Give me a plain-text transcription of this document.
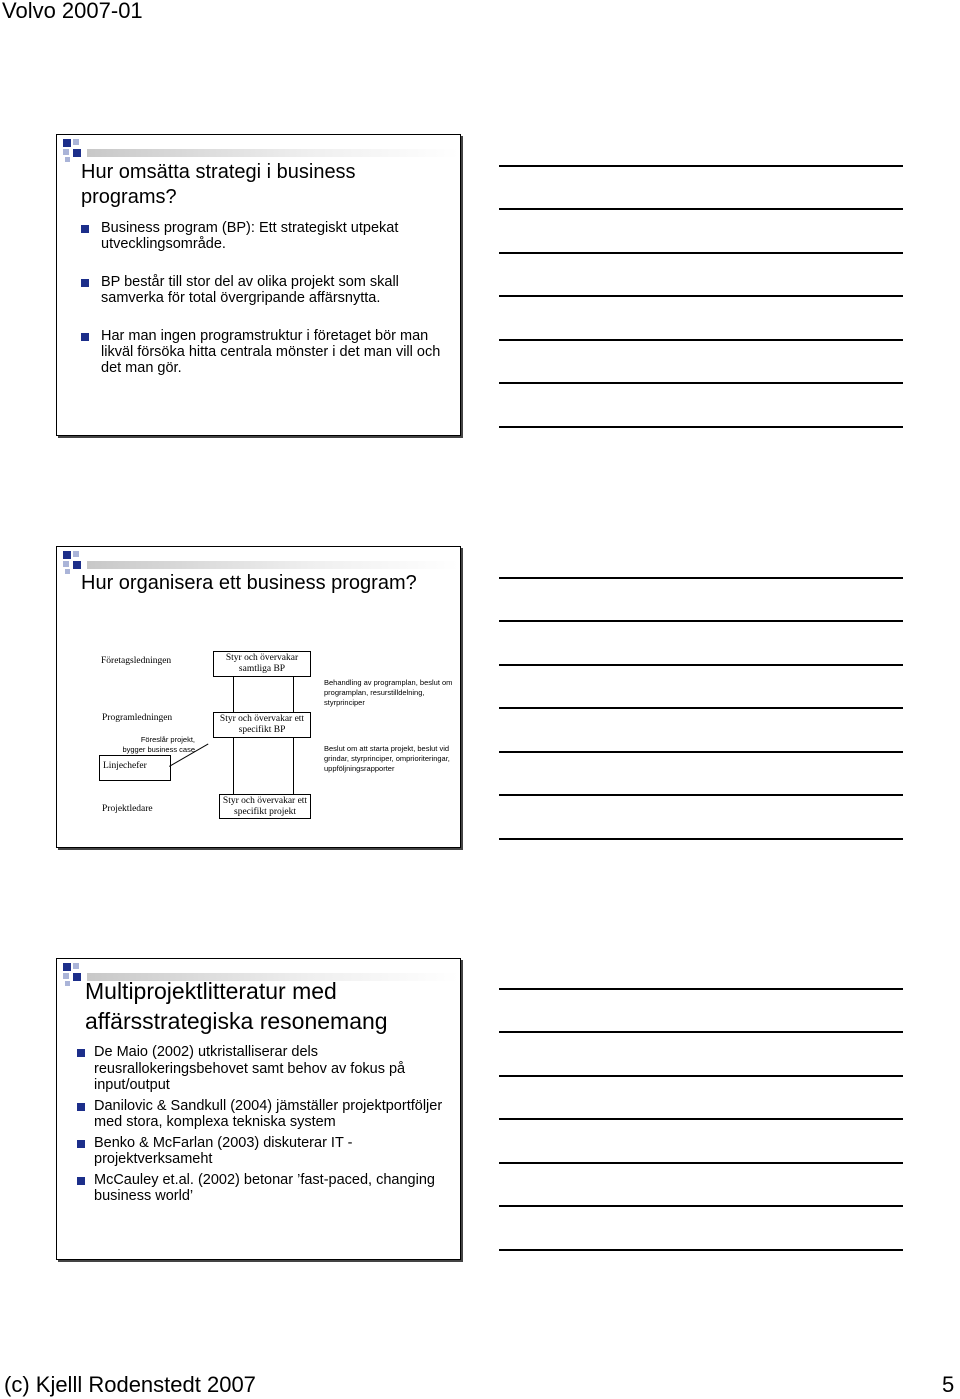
Volvo 2007-01
Hur omsätta strategi i business programs?
Business program (BP): Ett strategiskt utpekat utvecklingsområde.
BP består till stor del av olika projekt som skall samverka för total övergripande affärsnytta.
Har man ingen programstruktur i företaget bör man likväl försöka hitta centrala mönster i det man vill och det man gör.
Hur organisera ett business program?
Företagsledningen
Programledningen
Projektledare
Föreslår projekt, bygger business case
Linjechefer
Styr och övervakar samtliga BP
Styr och övervakar ett specifikt BP
Styr och övervakar ett specifikt projekt
Behandling av programplan, beslut om programplan, resurstilldelning, styrprinciper
Beslut om att starta projekt, beslut vid grindar, styrprinciper, omprioriteringar, uppföljningsrapporter
Multiprojektlitteratur med affärsstrategiska resonemang
De Maio (2002) utkristalliserar dels reusrallokeringsbehovet samt behov av fokus på input/output
Danilovic & Sandkull (2004) jämställer projektportföljer med stora, komplexa tekniska system
Benko & McFarlan (2003) diskuterar IT -projektverksameht
McCauley et.al. (2002) betonar ’fast-paced, changing business world’
(c) Kjelll Rodenstedt 2007	5
